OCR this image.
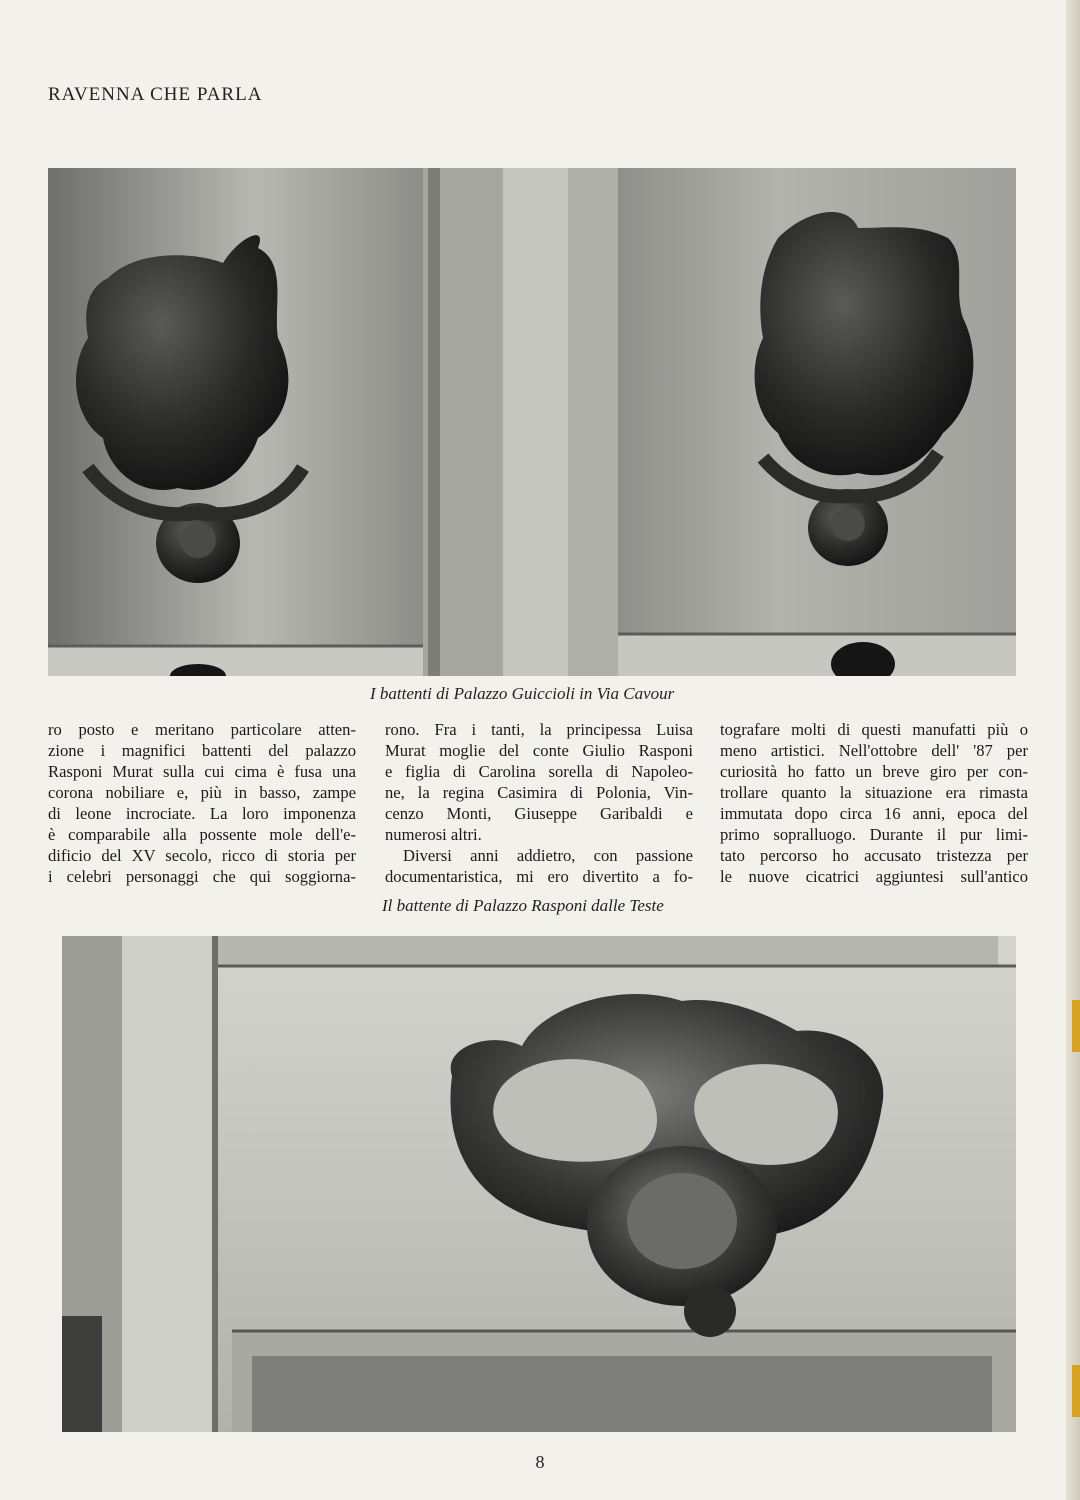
RAVENNA CHE PARLA
I battenti di Palazzo Guiccioli in Via Cavour

ro posto e meritano particolare atten-

zione i magnifici battenti del palazzo

Rasponi Murat sulla cui cima è fusa una

corona nobiliare e, più in basso, zampe

di leone incrociate. La loro imponenza

è comparabile alla possente mole dell'e-

dificio del XV secolo, ricco di storia per

i celebri personaggi che qui soggiorna-

rono. Fra i tanti, la principessa Luisa

Murat moglie del conte Giulio Rasponi

e figlia di Carolina sorella di Napoleo-

ne, la regina Casimira di Polonia, Vin-

cenzo Monti, Giuseppe Garibaldi e

numerosi altri.

Diversi anni addietro, con passione

documentaristica, mi ero divertito a fo-

tografare molti di questi manufatti più o

meno artistici. Nell'ottobre dell' '87 per

curiosità ho fatto un breve giro per con-

trollare quanto la situazione era rimasta

immutata dopo circa 16 anni, epoca del

primo sopralluogo. Durante il pur limi-

tato percorso ho accusato tristezza per

le nuove cicatrici aggiuntesi sull'antico

Il battente di Palazzo Rasponi dalle Teste
8
